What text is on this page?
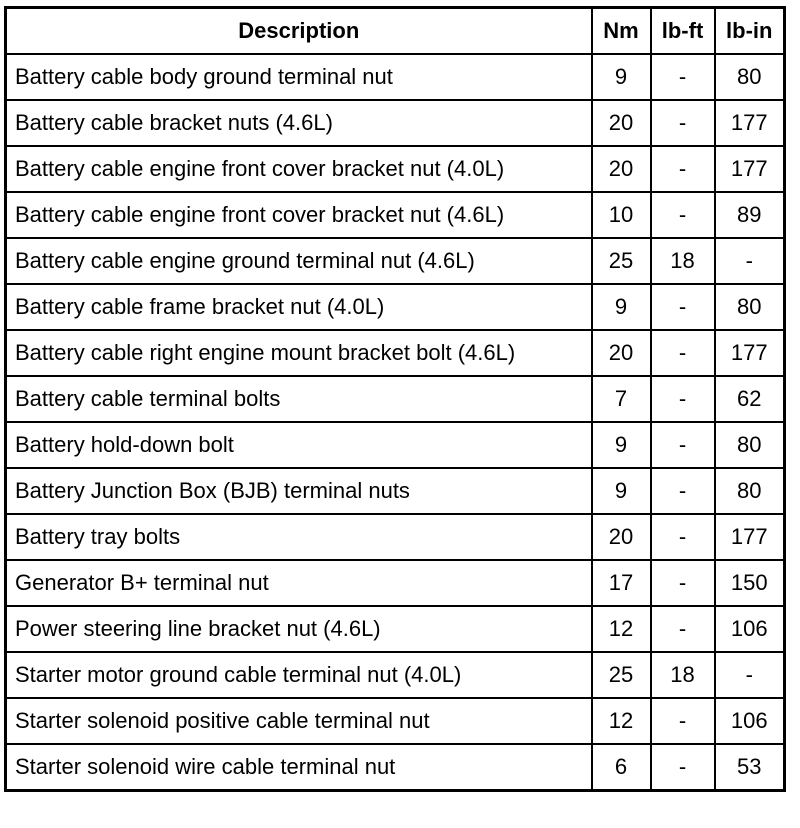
Description	Nm	lb-ft	lb-in
Battery cable body ground terminal nut	9	-	80
Battery cable bracket nuts (4.6L)	20	-	177
Battery cable engine front cover bracket nut (4.0L)	20	-	177
Battery cable engine front cover bracket nut (4.6L)	10	-	89
Battery cable engine ground terminal nut (4.6L)	25	18	-
Battery cable frame bracket nut (4.0L)	9	-	80
Battery cable right engine mount bracket bolt (4.6L)	20	-	177
Battery cable terminal bolts	7	-	62
Battery hold-down bolt	9	-	80
Battery Junction Box (BJB) terminal nuts	9	-	80
Battery tray bolts	20	-	177
Generator B+ terminal nut	17	-	150
Power steering line bracket nut (4.6L)	12	-	106
Starter motor ground cable terminal nut (4.0L)	25	18	-
Starter solenoid positive cable terminal nut	12	-	106
Starter solenoid wire cable terminal nut	6	-	53
